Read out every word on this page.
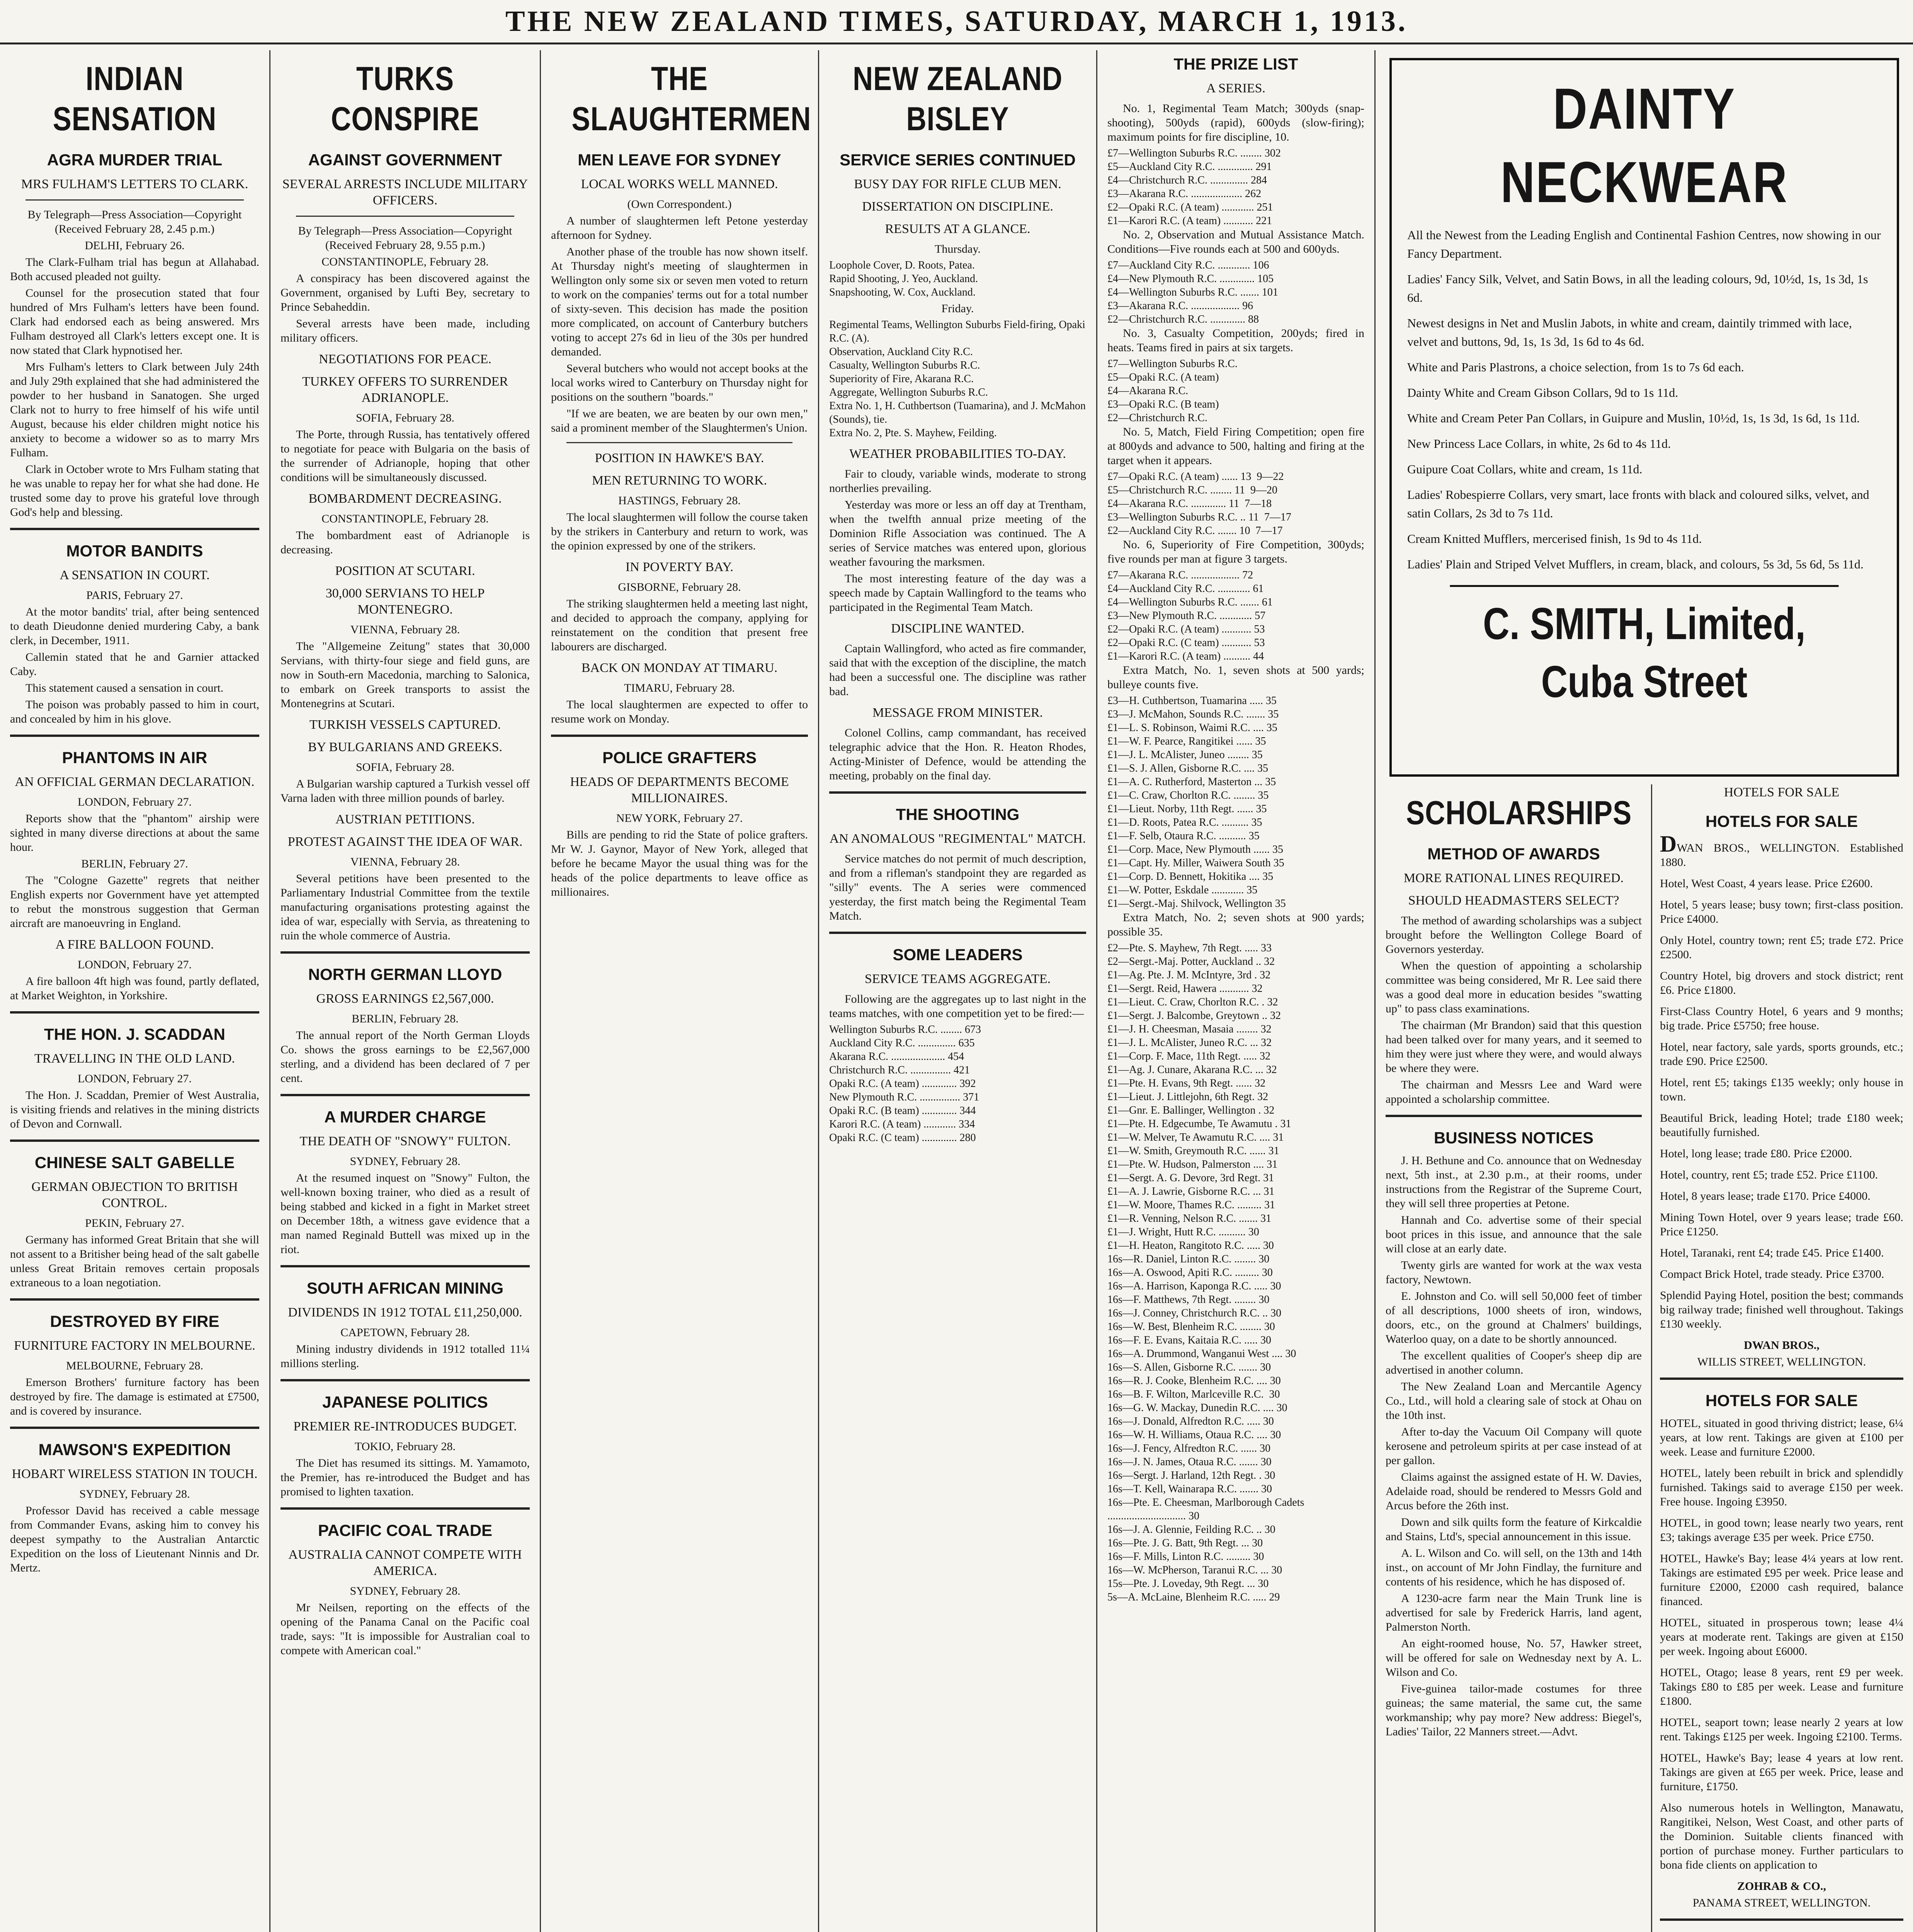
THE NEW ZEALAND TIMES, SATURDAY, MARCH 1, 1913.
INDIAN SENSATION
AGRA MURDER TRIAL
MRS FULHAM'S LETTERS TO CLARK.

By Telegraph—Press Association—Copyright (Received February 28, 2.45 p.m.)

DELHI, February 26.

The Clark-Fulham trial has begun at Allahabad. Both accused pleaded not guilty.

Counsel for the prosecution stated that four hundred of Mrs Fulham's letters have been found. Clark had endorsed each as being answered. Mrs Fulham destroyed all Clark's letters except one. It is now stated that Clark hypnotised her.

Mrs Fulham's letters to Clark between July 24th and July 29th explained that she had administered the powder to her husband in Sanatogen. She urged Clark not to hurry to free himself of his wife until August, because his elder children might notice his anxiety to become a widower so as to marry Mrs Fulham.

Clark in October wrote to Mrs Fulham stating that he was unable to repay her for what she had done. He trusted some day to prove his grateful love through God's help and blessing.

MOTOR BANDITS
A SENSATION IN COURT.

PARIS, February 27.

At the motor bandits' trial, after being sentenced to death Dieudonne denied murdering Caby, a bank clerk, in December, 1911.

Callemin stated that he and Garnier attacked Caby.

This statement caused a sensation in court.

The poison was probably passed to him in court, and concealed by him in his glove.

PHANTOMS IN AIR
AN OFFICIAL GERMAN DECLARATION.

LONDON, February 27.

Reports show that the "phantom" airship were sighted in many diverse directions at about the same hour.

BERLIN, February 27.

The "Cologne Gazette" regrets that neither English experts nor Government have yet attempted to rebut the monstrous suggestion that German aircraft are manoeuvring in England.

A FIRE BALLOON FOUND.

LONDON, February 27.

A fire balloon 4ft high was found, partly deflated, at Market Weighton, in Yorkshire.

THE HON. J. SCADDAN
TRAVELLING IN THE OLD LAND.

LONDON, February 27.

The Hon. J. Scaddan, Premier of West Australia, is visiting friends and relatives in the mining districts of Devon and Cornwall.

CHINESE SALT GABELLE
GERMAN OBJECTION TO BRITISH CONTROL.

PEKIN, February 27.

Germany has informed Great Britain that she will not assent to a Britisher being head of the salt gabelle unless Great Britain removes certain proposals extraneous to a loan negotiation.

DESTROYED BY FIRE
FURNITURE FACTORY IN MELBOURNE.

MELBOURNE, February 28.

Emerson Brothers' furniture factory has been destroyed by fire. The damage is estimated at £7500, and is covered by insurance.

MAWSON'S EXPEDITION
HOBART WIRELESS STATION IN TOUCH.

SYDNEY, February 28.

Professor David has received a cable message from Commander Evans, asking him to convey his deepest sympathy to the Australian Antarctic Expedition on the loss of Lieutenant Ninnis and Dr. Mertz.

TURKS CONSPIRE
AGAINST GOVERNMENT
SEVERAL ARRESTS INCLUDE MILITARY OFFICERS.

By Telegraph—Press Association—Copyright (Received February 28, 9.55 p.m.)

CONSTANTINOPLE, February 28.

A conspiracy has been discovered against the Government, organised by Lufti Bey, secretary to Prince Sebaheddin.

Several arrests have been made, including military officers.

NEGOTIATIONS FOR PEACE.
TURKEY OFFERS TO SURRENDER ADRIANOPLE.

SOFIA, February 28.

The Porte, through Russia, has tentatively offered to negotiate for peace with Bulgaria on the basis of the surrender of Adrianople, hoping that other conditions will be simultaneously discussed.

BOMBARDMENT DECREASING.

CONSTANTINOPLE, February 28.

The bombardment east of Adrianople is decreasing.

POSITION AT SCUTARI.
30,000 SERVIANS TO HELP MONTENEGRO.

VIENNA, February 28.

The "Allgemeine Zeitung" states that 30,000 Servians, with thirty-four siege and field guns, are now in South-ern Macedonia, marching to Salonica, to embark on Greek transports to assist the Montenegrins at Scutari.

TURKISH VESSELS CAPTURED.
BY BULGARIANS AND GREEKS.

SOFIA, February 28.

A Bulgarian warship captured a Turkish vessel off Varna laden with three million pounds of barley.

AUSTRIAN PETITIONS.
PROTEST AGAINST THE IDEA OF WAR.

VIENNA, February 28.

Several petitions have been presented to the Parliamentary Industrial Committee from the textile manufacturing organisations protesting against the idea of war, especially with Servia, as threatening to ruin the whole commerce of Austria.

NORTH GERMAN LLOYD
GROSS EARNINGS £2,567,000.

BERLIN, February 28.

The annual report of the North German Lloyds Co. shows the gross earnings to be £2,567,000 sterling, and a dividend has been declared of 7 per cent.

A MURDER CHARGE
THE DEATH OF "SNOWY" FULTON.

SYDNEY, February 28.

At the resumed inquest on "Snowy" Fulton, the well-known boxing trainer, who died as a result of being stabbed and kicked in a fight in Market street on December 18th, a witness gave evidence that a man named Reginald Buttell was mixed up in the riot.

SOUTH AFRICAN MINING
DIVIDENDS IN 1912 TOTAL £11,250,000.

CAPETOWN, February 28.

Mining industry dividends in 1912 totalled 11¼ millions sterling.

JAPANESE POLITICS
PREMIER RE-INTRODUCES BUDGET.

TOKIO, February 28.

The Diet has resumed its sittings. M. Yamamoto, the Premier, has re-introduced the Budget and has promised to lighten taxation.

PACIFIC COAL TRADE
AUSTRALIA CANNOT COMPETE WITH AMERICA.

SYDNEY, February 28.

Mr Neilsen, reporting on the effects of the opening of the Panama Canal on the Pacific coal trade, says: "It is impossible for Australian coal to compete with American coal."

THE SLAUGHTERMEN
MEN LEAVE FOR SYDNEY
LOCAL WORKS WELL MANNED.

(Own Correspondent.)

A number of slaughtermen left Petone yesterday afternoon for Sydney.

Another phase of the trouble has now shown itself. At Thursday night's meeting of slaughtermen in Wellington only some six or seven men voted to return to work on the companies' terms out for a total number of sixty-seven. This decision has made the position more complicated, on account of Canterbury butchers voting to accept 27s 6d in lieu of the 30s per hundred demanded.

Several butchers who would not accept books at the local works wired to Canterbury on Thursday night for positions on the southern "boards."

"If we are beaten, we are beaten by our own men," said a prominent member of the Slaughtermen's Union.

POSITION IN HAWKE'S BAY.
MEN RETURNING TO WORK.

HASTINGS, February 28.

The local slaughtermen will follow the course taken by the strikers in Canterbury and return to work, was the opinion expressed by one of the strikers.

IN POVERTY BAY.

GISBORNE, February 28.

The striking slaughtermen held a meeting last night, and decided to approach the company, applying for reinstatement on the condition that present free labourers are discharged.

BACK ON MONDAY AT TIMARU.

TIMARU, February 28.

The local slaughtermen are expected to offer to resume work on Monday.

POLICE GRAFTERS
HEADS OF DEPARTMENTS BECOME MILLIONAIRES.

NEW YORK, February 27.

Bills are pending to rid the State of police grafters. Mr W. J. Gaynor, Mayor of New York, alleged that before he became Mayor the usual thing was for the heads of the police departments to leave office as millionaires.

NEW ZEALAND BISLEY
SERVICE SERIES CONTINUED
BUSY DAY FOR RIFLE CLUB MEN.
DISSERTATION ON DISCIPLINE.
RESULTS AT A GLANCE.

Thursday.

Loophole Cover, D. Roots, Patea.
Rapid Shooting, J. Yeo, Auckland.
Snapshooting, W. Cox, Auckland.

Friday.

Regimental Teams, Wellington Suburbs Field-firing, Opaki R.C. (A).
Observation, Auckland City R.C.
Casualty, Wellington Suburbs R.C.
Superiority of Fire, Akarana R.C.
Aggregate, Wellington Suburbs R.C.
Extra No. 1, H. Cuthbertson (Tuamarina), and J. McMahon (Sounds), tie.
Extra No. 2, Pte. S. Mayhew, Feilding.

WEATHER PROBABILITIES TO-DAY.

Fair to cloudy, variable winds, moderate to strong northerlies prevailing.

Yesterday was more or less an off day at Trentham, when the twelfth annual prize meeting of the Dominion Rifle Association was continued. The A series of Service matches was entered upon, glorious weather favouring the marksmen.

The most interesting feature of the day was a speech made by Captain Wallingford to the teams who participated in the Regimental Team Match.

DISCIPLINE WANTED.

Captain Wallingford, who acted as fire commander, said that with the exception of the discipline, the match had been a successful one. The discipline was rather bad.

MESSAGE FROM MINISTER.

Colonel Collins, camp commandant, has received telegraphic advice that the Hon. R. Heaton Rhodes, Acting-Minister of Defence, would be attending the meeting, probably on the final day.

THE SHOOTING
AN ANOMALOUS "REGIMENTAL" MATCH.

Service matches do not permit of much description, and from a rifleman's standpoint they are regarded as "silly" events. The A series were commenced yesterday, the first match being the Regimental Team Match.

SOME LEADERS
SERVICE TEAMS AGGREGATE.

Following are the aggregates up to last night in the teams matches, with one competition yet to be fired:—

Wellington Suburbs R.C. ........ 673
Auckland City R.C. .............. 635
Akarana R.C. .................... 454
Christchurch R.C. ............... 421
Opaki R.C. (A team) ............. 392
New Plymouth R.C. ............... 371
Opaki R.C. (B team) ............. 344
Karori R.C. (A team) ............ 334
Opaki R.C. (C team) ............. 280

THE PRIZE LIST
A SERIES.

No. 1, Regimental Team Match; 300yds (snap-shooting), 500yds (rapid), 600yds (slow-firing); maximum points for fire discipline, 10.

£7—Wellington Suburbs R.C. ........ 302
£5—Auckland City R.C. ............. 291
£4—Christchurch R.C. .............. 284
£3—Akarana R.C. ................... 262
£2—Opaki R.C. (A team) ............ 251
£1—Karori R.C. (A team) ........... 221

No. 2, Observation and Mutual Assistance Match. Conditions—Five rounds each at 500 and 600yds.

£7—Auckland City R.C. ............ 106
£4—New Plymouth R.C. ............. 105
£4—Wellington Suburbs R.C. ....... 101
£3—Akarana R.C. .................. 96
£2—Christchurch R.C. ............. 88

No. 3, Casualty Competition, 200yds; fired in heats. Teams fired in pairs at six targets.

£7—Wellington Suburbs R.C.
£5—Opaki R.C. (A team)
£4—Akarana R.C.
£3—Opaki R.C. (B team)
£2—Christchurch R.C.

No. 5, Match, Field Firing Competition; open fire at 800yds and advance to 500, halting and firing at the target when it appears.

£7—Opaki R.C. (A team) ...... 13  9—22
£5—Christchurch R.C. ........ 11  9—20
£4—Akarana R.C. ............. 11  7—18
£3—Wellington Suburbs R.C. .. 11  7—17
£2—Auckland City R.C. ....... 10  7—17

No. 6, Superiority of Fire Competition, 300yds; five rounds per man at figure 3 targets.

£7—Akarana R.C. .................. 72
£4—Auckland City R.C. ............ 61
£4—Wellington Suburbs R.C. ....... 61
£3—New Plymouth R.C. ............ 57
£2—Opaki R.C. (A team) ........... 53
£2—Opaki R.C. (C team) ........... 53
£1—Karori R.C. (A team) .......... 44

Extra Match, No. 1, seven shots at 500 yards; bulleye counts five.

£3—H. Cuthbertson, Tuamarina ..... 35
£3—J. McMahon, Sounds R.C. ....... 35
£1—L. S. Robinson, Waimi R.C. .... 35
£1—W. F. Pearce, Rangitikei ...... 35
£1—J. L. McAlister, Juneo ........ 35
£1—S. J. Allen, Gisborne R.C. .... 35
£1—A. C. Rutherford, Masterton ... 35
£1—C. Craw, Chorlton R.C. ........ 35
£1—Lieut. Norby, 11th Regt. ...... 35
£1—D. Roots, Patea R.C. .......... 35
£1—F. Selb, Otaura R.C. .......... 35
£1—Corp. Mace, New Plymouth ...... 35
£1—Capt. Hy. Miller, Waiwera South 35
£1—Corp. D. Bennett, Hokitika .... 35
£1—W. Potter, Eskdale ............ 35
£1—Sergt.-Maj. Shilvock, Wellington 35

Extra Match, No. 2; seven shots at 900 yards; possible 35.

£2—Pte. S. Mayhew, 7th Regt. ..... 33
£2—Sergt.-Maj. Potter, Auckland .. 32
£1—Ag. Pte. J. M. McIntyre, 3rd . 32
£1—Sergt. Reid, Hawera ........... 32
£1—Lieut. C. Craw, Chorlton R.C. . 32
£1—Sergt. J. Balcombe, Greytown .. 32
£1—J. H. Cheesman, Masaia ........ 32
£1—J. L. McAlister, Juneo R.C. ... 32
£1—Corp. F. Mace, 11th Regt. ..... 32
£1—Ag. J. Cunare, Akarana R.C. ... 32
£1—Pte. H. Evans, 9th Regt. ...... 32
£1—Lieut. J. Littlejohn, 6th Regt. 32
£1—Gnr. E. Ballinger, Wellington . 32
£1—Pte. H. Edgecumbe, Te Awamutu . 31
£1—W. Melver, Te Awamutu R.C. .... 31
£1—W. Smith, Greymouth R.C. ...... 31
£1—Pte. W. Hudson, Palmerston .... 31
£1—Sergt. A. G. Devore, 3rd Regt. 31
£1—A. J. Lawrie, Gisborne R.C. ... 31
£1—W. Moore, Thames R.C. ......... 31
£1—R. Venning, Nelson R.C. ....... 31
£1—J. Wright, Hutt R.C. .......... 30
£1—H. Heaton, Rangitoto R.C. ..... 30

16s—R. Daniel, Linton R.C. ........ 30
16s—A. Oswood, Apiti R.C. ......... 30
16s—A. Harrison, Kaponga R.C. ..... 30
16s—F. Matthews, 7th Regt. ........ 30
16s—J. Conney, Christchurch R.C. .. 30
16s—W. Best, Blenheim R.C. ........ 30
16s—F. E. Evans, Kaitaia R.C. ..... 30
16s—A. Drummond, Wanganui West .... 30
16s—S. Allen, Gisborne R.C. ....... 30
16s—R. J. Cooke, Blenheim R.C. .... 30
16s—B. F. Wilton, Marlceville R.C.  30
16s—G. W. Mackay, Dunedin R.C. .... 30
16s—J. Donald, Alfredton R.C. ..... 30
16s—W. H. Williams, Otaua R.C. .... 30
16s—J. Fency, Alfredton R.C. ...... 30
16s—J. N. James, Otaua R.C. ....... 30
16s—Sergt. J. Harland, 12th Regt. . 30
16s—T. Kell, Wainarapa R.C. ....... 30
16s—Pte. E. Cheesman, Marlborough Cadets ............................. 30
16s—J. A. Glennie, Feilding R.C. .. 30
16s—Pte. J. G. Batt, 9th Regt. ... 30
16s—F. Mills, Linton R.C. ......... 30
16s—W. McPherson, Taranui R.C. ... 30
15s—Pte. J. Loveday, 9th Regt. ... 30
5s—A. McLaine, Blenheim R.C. ..... 29

DAINTY NECKWEAR

All the Newest from the Leading English and Continental Fashion Centres, now showing in our Fancy Department.

Ladies' Fancy Silk, Velvet, and Satin Bows, in all the leading colours, 9d, 10½d, 1s, 1s 3d, 1s 6d.

Newest designs in Net and Muslin Jabots, in white and cream, daintily trimmed with lace, velvet and buttons, 9d, 1s, 1s 3d, 1s 6d to 4s 6d.

White and Paris Plastrons, a choice selection, from 1s to 7s 6d each.

Dainty White and Cream Gibson Collars, 9d to 1s 11d.

White and Cream Peter Pan Collars, in Guipure and Muslin, 10½d, 1s, 1s 3d, 1s 6d, 1s 11d.

New Princess Lace Collars, in white, 2s 6d to 4s 11d.

Guipure Coat Collars, white and cream, 1s 11d.

Ladies' Robespierre Collars, very smart, lace fronts with black and coloured silks, velvet, and satin Collars, 2s 3d to 7s 11d.

Cream Knitted Mufflers, mercerised finish, 1s 9d to 4s 11d.

Ladies' Plain and Striped Velvet Mufflers, in cream, black, and colours, 5s 3d, 5s 6d, 5s 11d.

C. SMITH, Limited, Cuba Street
SCHOLARSHIPS
METHOD OF AWARDS
MORE RATIONAL LINES REQUIRED.
SHOULD HEADMASTERS SELECT?

The method of awarding scholarships was a subject brought before the Wellington College Board of Governors yesterday.

When the question of appointing a scholarship committee was being considered, Mr R. Lee said there was a good deal more in education besides "swatting up" to pass class examinations.

The chairman (Mr Brandon) said that this question had been talked over for many years, and it seemed to him they were just where they were, and would always be where they were.

The chairman and Messrs Lee and Ward were appointed a scholarship committee.

BUSINESS NOTICES

J. H. Bethune and Co. announce that on Wednesday next, 5th inst., at 2.30 p.m., at their rooms, under instructions from the Registrar of the Supreme Court, they will sell three properties at Petone.

Hannah and Co. advertise some of their special boot prices in this issue, and announce that the sale will close at an early date.

Twenty girls are wanted for work at the wax vesta factory, Newtown.

E. Johnston and Co. will sell 50,000 feet of timber of all descriptions, 1000 sheets of iron, windows, doors, etc., on the ground at Chalmers' buildings, Waterloo quay, on a date to be shortly announced.

The excellent qualities of Cooper's sheep dip are advertised in another column.

The New Zealand Loan and Mercantile Agency Co., Ltd., will hold a clearing sale of stock at Ohau on the 10th inst.

After to-day the Vacuum Oil Company will quote kerosene and petroleum spirits at per case instead of at per gallon.

Claims against the assigned estate of H. W. Davies, Adelaide road, should be rendered to Messrs Gold and Arcus before the 26th inst.

Down and silk quilts form the feature of Kirkcaldie and Stains, Ltd's, special announcement in this issue.

A. L. Wilson and Co. will sell, on the 13th and 14th inst., on account of Mr John Findlay, the furniture and contents of his residence, which he has disposed of.

A 1230-acre farm near the Main Trunk line is advertised for sale by Frederick Harris, land agent, Palmerston North.

An eight-roomed house, No. 57, Hawker street, will be offered for sale on Wednesday next by A. L. Wilson and Co.

Five-guinea tailor-made costumes for three guineas; the same material, the same cut, the same workmanship; why pay more? New address: Biegel's, Ladies' Tailor, 22 Manners street.—Advt.

HOTELS FOR SALE
HOTELS FOR SALE

DWAN BROS., WELLINGTON. Established 1880.

Hotel, West Coast, 4 years lease. Price £2600.

Hotel, 5 years lease; busy town; first-class position. Price £4000.

Only Hotel, country town; rent £5; trade £72. Price £2500.

Country Hotel, big drovers and stock district; rent £6. Price £1800.

First-Class Country Hotel, 6 years and 9 months; big trade. Price £5750; free house.

Hotel, near factory, sale yards, sports grounds, etc.; trade £90. Price £2500.

Hotel, rent £5; takings £135 weekly; only house in town.

Beautiful Brick, leading Hotel; trade £180 week; beautifully furnished.

Hotel, long lease; trade £80. Price £2000.

Hotel, country, rent £5; trade £52. Price £1100.

Hotel, 8 years lease; trade £170. Price £4000.

Mining Town Hotel, over 9 years lease; trade £60. Price £1250.

Hotel, Taranaki, rent £4; trade £45. Price £1400.

Compact Brick Hotel, trade steady. Price £3700.

Splendid Paying Hotel, position the best; commands big railway trade; finished well throughout. Takings £130 weekly.

DWAN BROS.,

WILLIS STREET, WELLINGTON.

HOTELS FOR SALE

HOTEL, situated in good thriving district; lease, 6¼ years, at low rent. Takings are given at £100 per week. Lease and furniture £2000.

HOTEL, lately been rebuilt in brick and splendidly furnished. Takings said to average £150 per week. Free house. Ingoing £3950.

HOTEL, in good town; lease nearly two years, rent £3; takings average £35 per week. Price £750.

HOTEL, Hawke's Bay; lease 4¼ years at low rent. Takings are estimated £95 per week. Price lease and furniture £2000, £2000 cash required, balance financed.

HOTEL, situated in prosperous town; lease 4¼ years at moderate rent. Takings are given at £150 per week. Ingoing about £6000.

HOTEL, Otago; lease 8 years, rent £9 per week. Takings £80 to £85 per week. Lease and furniture £1800.

HOTEL, seaport town; lease nearly 2 years at low rent. Takings £125 per week. Ingoing £2100. Terms.

HOTEL, Hawke's Bay; lease 4 years at low rent. Takings are given at £65 per week. Price, lease and furniture, £1750.

Also numerous hotels in Wellington, Manawatu, Rangitikei, Nelson, West Coast, and other parts of the Dominion. Suitable clients financed with portion of purchase money. Further particulars to bona fide clients on application to

ZOHRAB & CO.,

PANAMA STREET, WELLINGTON.
